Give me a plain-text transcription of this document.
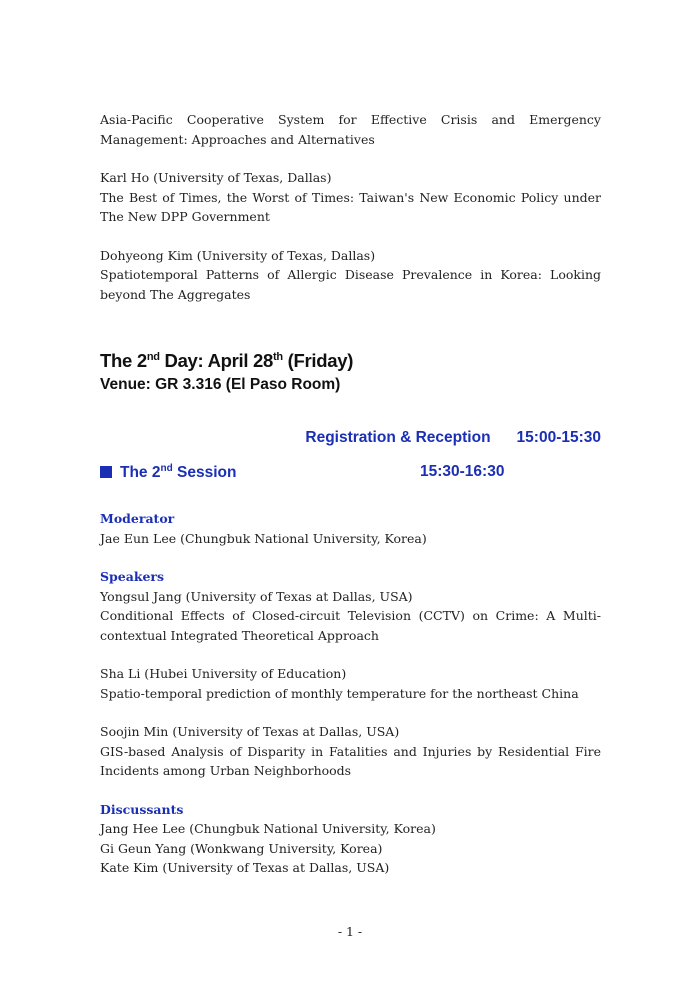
Asia-Pacific Cooperative System for Effective Crisis and Emergency Management: Approaches and Alternatives

Karl Ho (University of Texas, Dallas)

The Best of Times, the Worst of Times: Taiwan's New Economic Policy under The New DPP Government

Dohyeong Kim (University of Texas, Dallas)

Spatiotemporal Patterns of Allergic Disease Prevalence in Korea: Looking beyond The Aggregates

The 2nd Day: April 28th (Friday)

Venue: GR 3.316 (El Paso Room)

Registration & Reception 15:00-15:30
The 2nd Session	15:30-16:30

Moderator

Jae Eun Lee (Chungbuk National University, Korea)

Speakers

Yongsul Jang (University of Texas at Dallas, USA)

Conditional Effects of Closed-circuit Television (CCTV) on Crime: A Multi-contextual Integrated Theoretical Approach

Sha Li (Hubei University of Education)

Spatio-temporal prediction of monthly temperature for the northeast China

Soojin Min (University of Texas at Dallas, USA)

GIS-based Analysis of Disparity in Fatalities and Injuries by Residential Fire Incidents among Urban Neighborhoods

Discussants

Jang Hee Lee (Chungbuk National University, Korea)

Gi Geun Yang (Wonkwang University, Korea)

Kate Kim (University of Texas at Dallas, USA)

- 1 -
